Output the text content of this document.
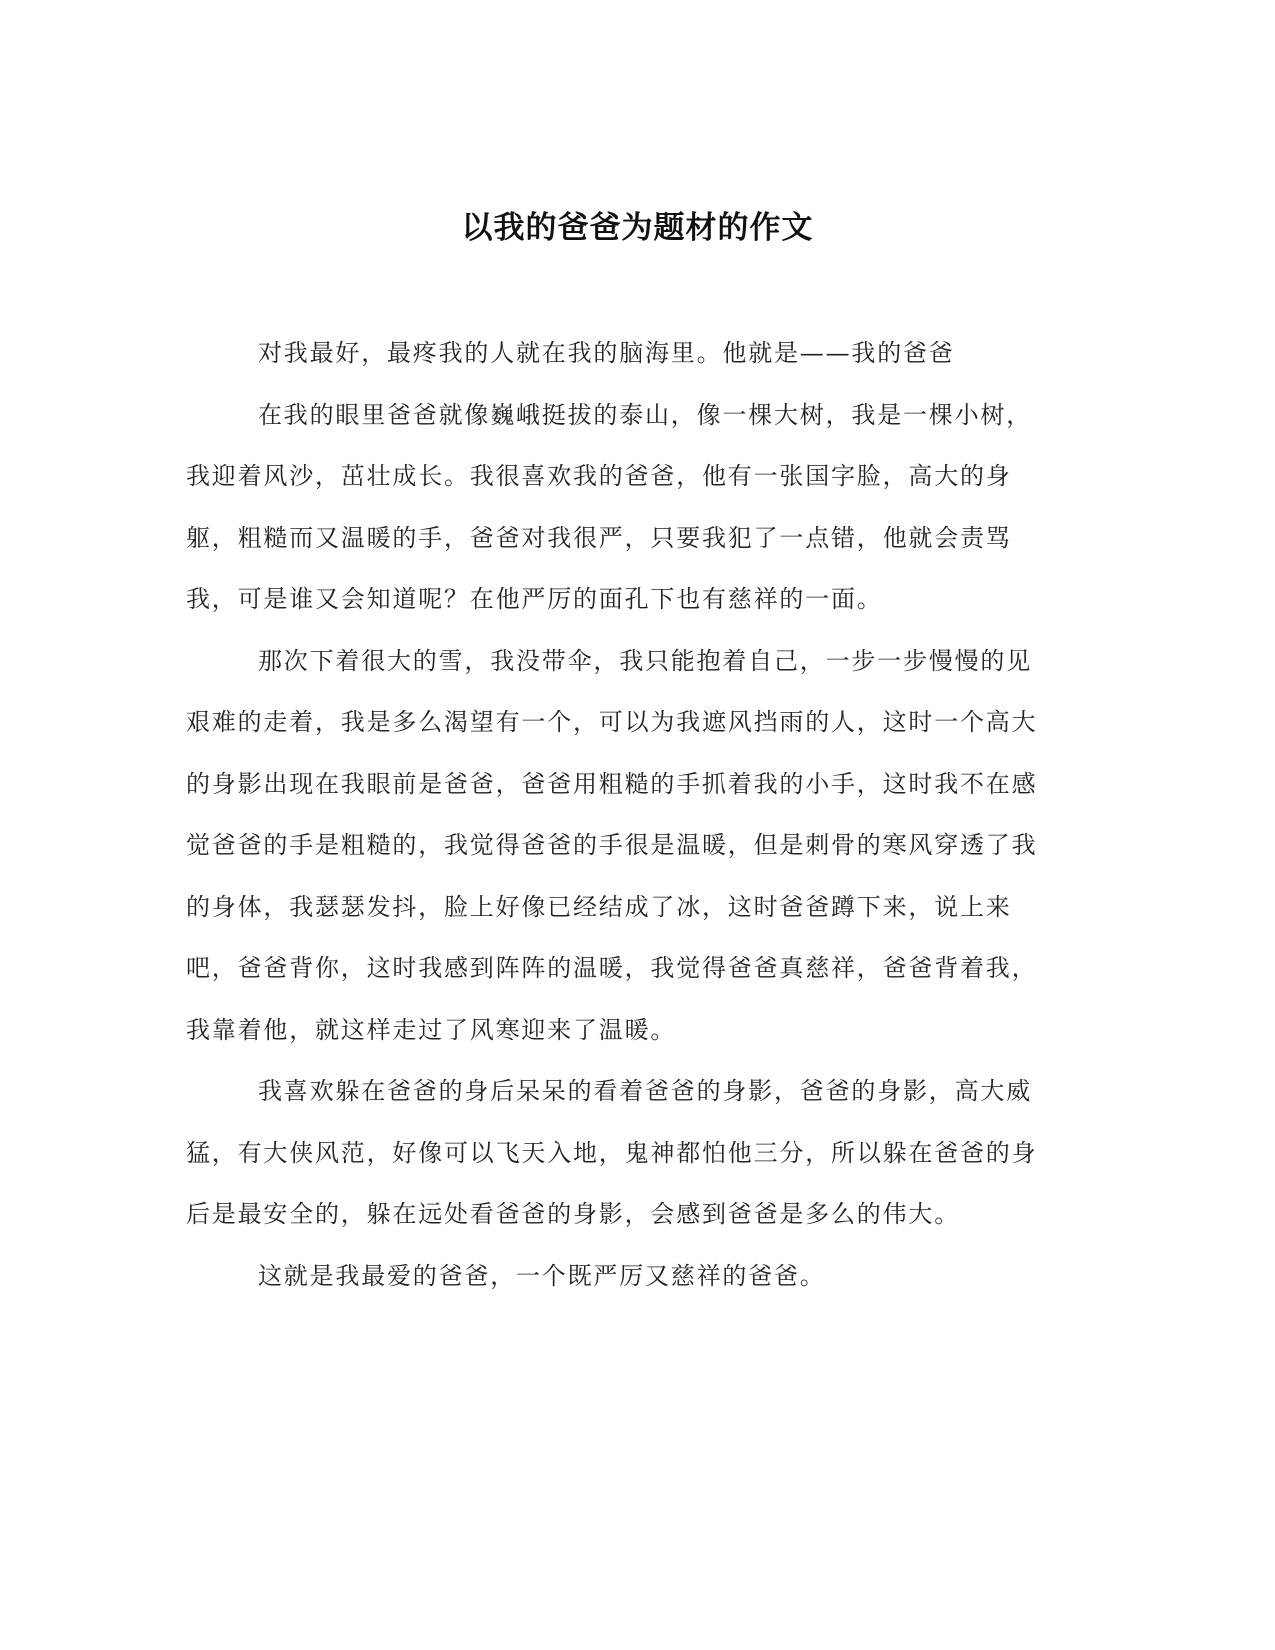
以我的爸爸为题材的作文

对我最好，最疼我的人就在我的脑海里。他就是——我的爸爸

在我的眼里爸爸就像巍峨挺拔的泰山，像一棵大树，我是一棵小树，我迎着风沙，茁壮成长。我很喜欢我的爸爸，他有一张国字脸，高大的身躯，粗糙而又温暖的手，爸爸对我很严，只要我犯了一点错，他就会责骂我，可是谁又会知道呢？在他严厉的面孔下也有慈祥的一面。

那次下着很大的雪，我没带伞，我只能抱着自己，一步一步慢慢的见艰难的走着，我是多么渴望有一个，可以为我遮风挡雨的人，这时一个高大的身影出现在我眼前是爸爸，爸爸用粗糙的手抓着我的小手，这时我不在感觉爸爸的手是粗糙的，我觉得爸爸的手很是温暖，但是刺骨的寒风穿透了我的身体，我瑟瑟发抖，脸上好像已经结成了冰，这时爸爸蹲下来，说上来吧，爸爸背你，这时我感到阵阵的温暖，我觉得爸爸真慈祥，爸爸背着我，我靠着他，就这样走过了风寒迎来了温暖。

我喜欢躲在爸爸的身后呆呆的看着爸爸的身影，爸爸的身影，高大威猛，有大侠风范，好像可以飞天入地，鬼神都怕他三分，所以躲在爸爸的身后是最安全的，躲在远处看爸爸的身影，会感到爸爸是多么的伟大。

这就是我最爱的爸爸，一个既严厉又慈祥的爸爸。
